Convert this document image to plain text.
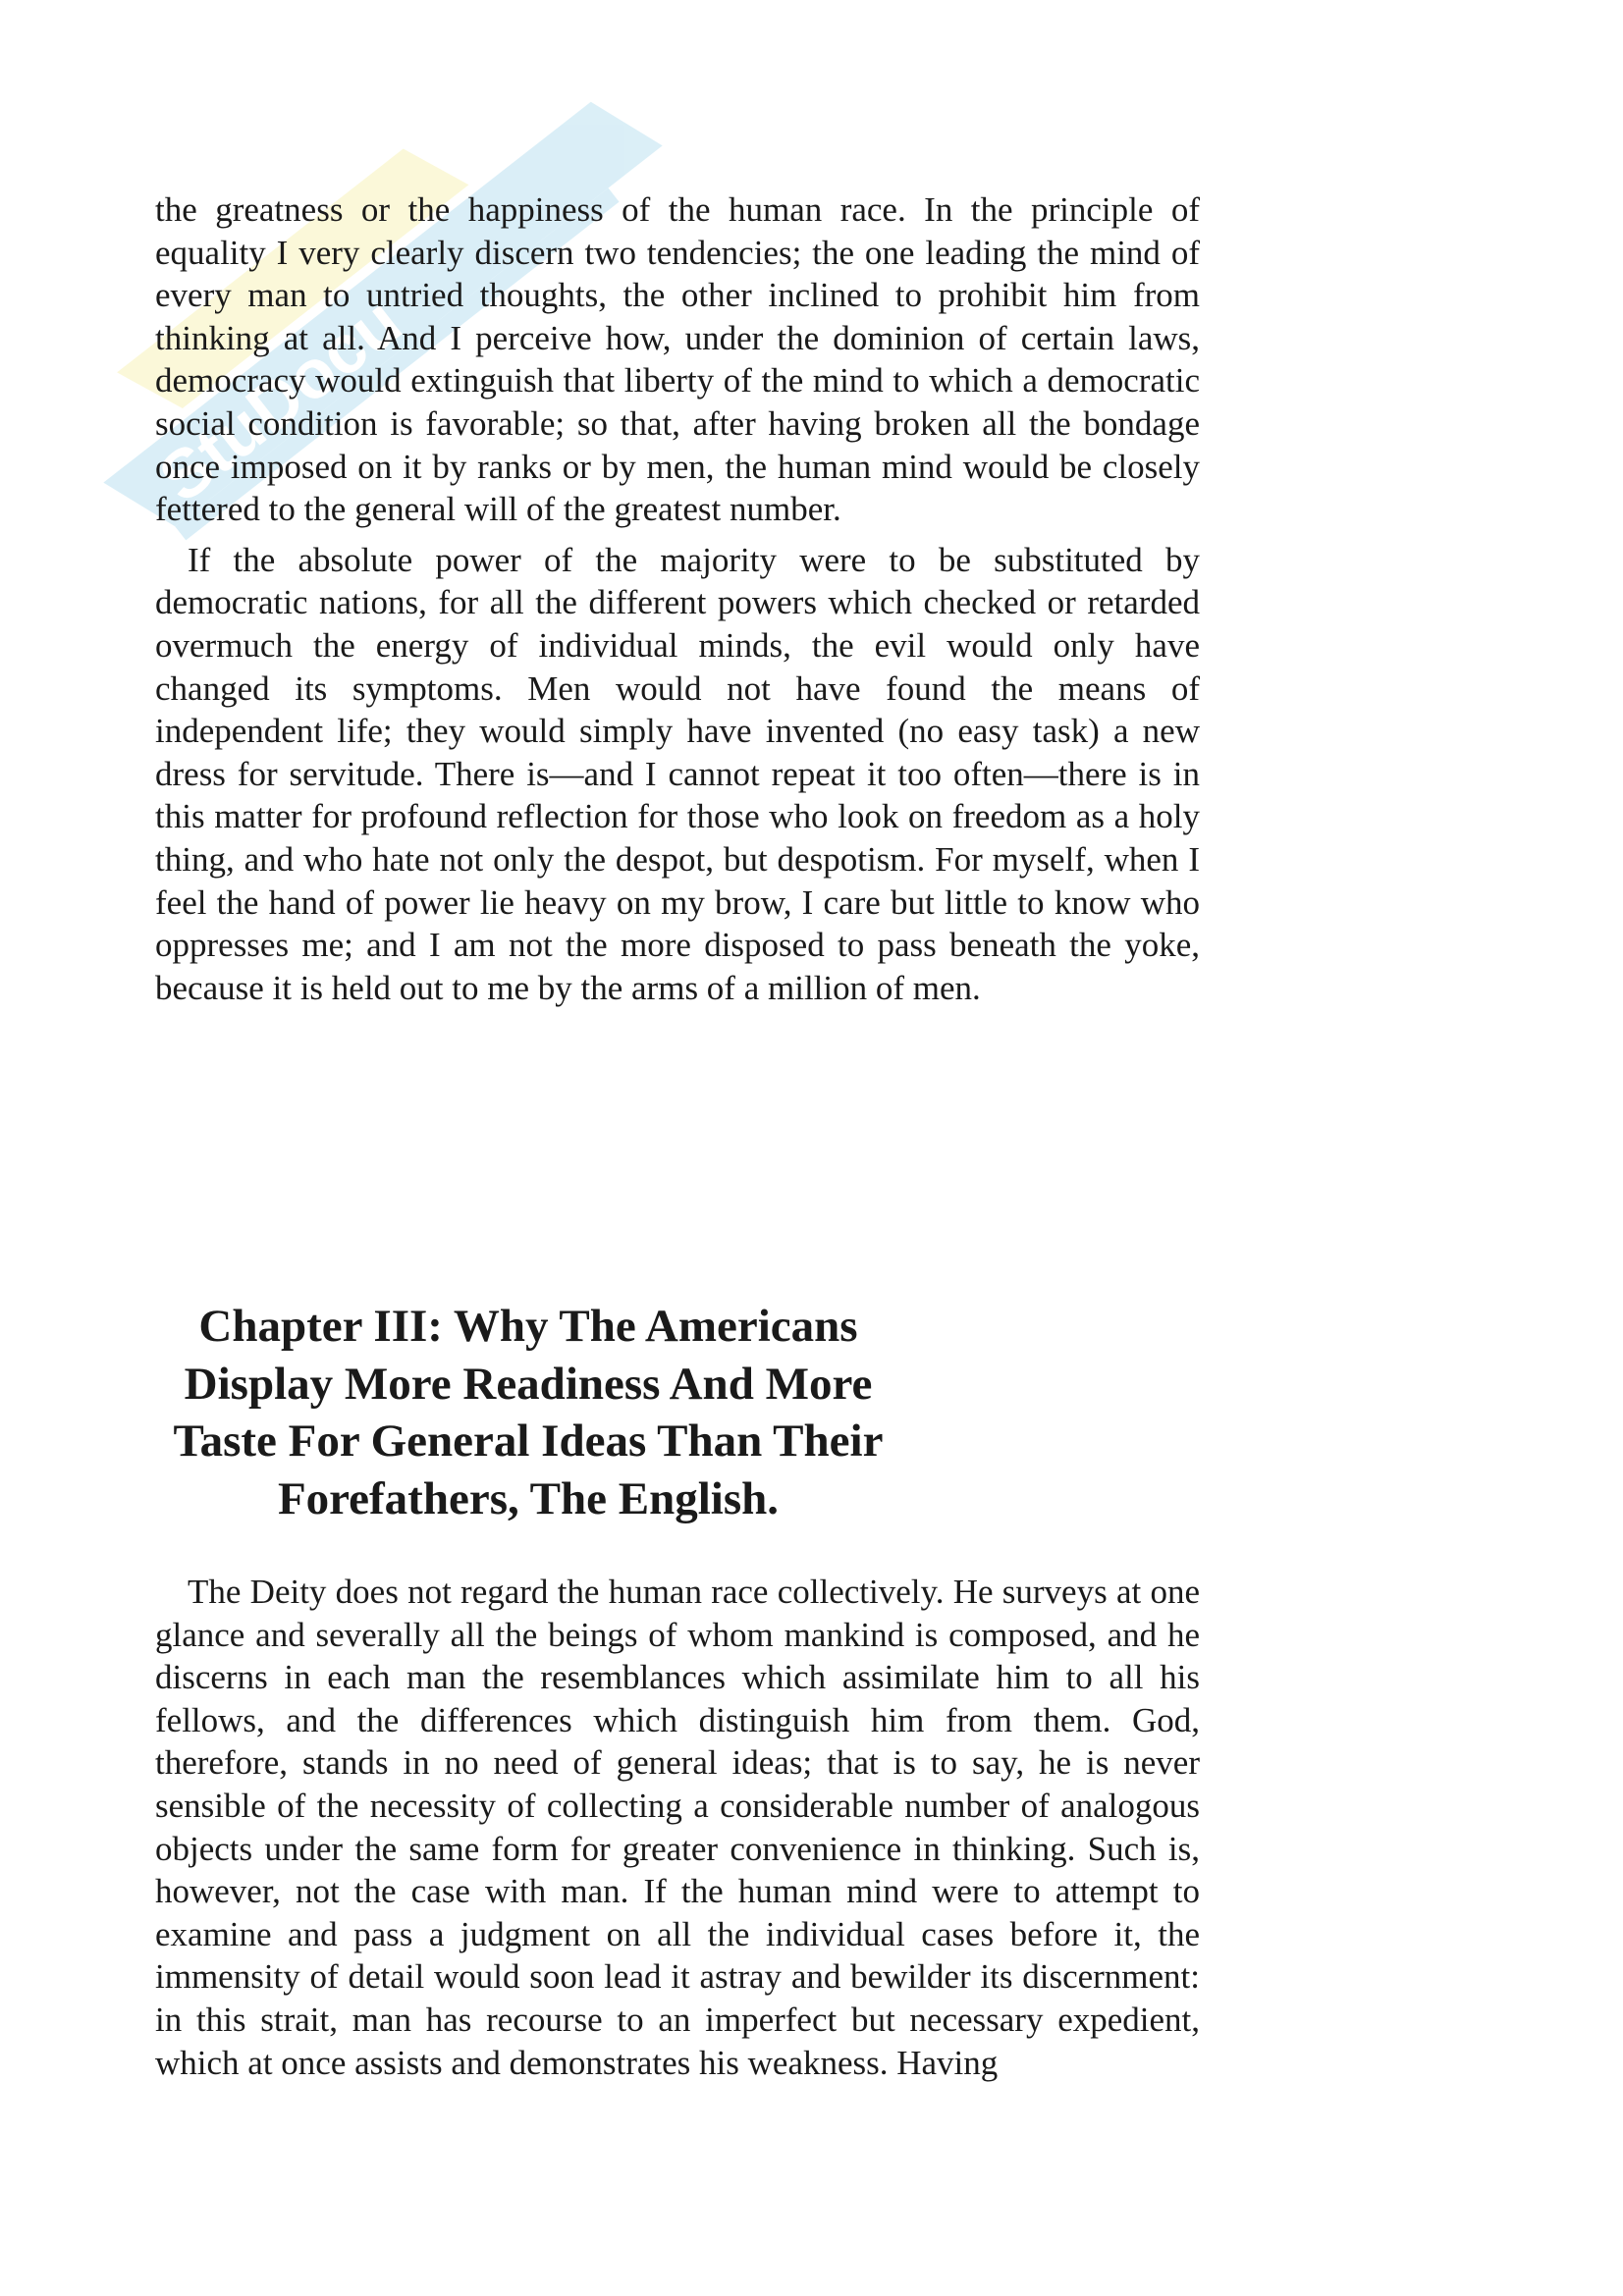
StuDocu

the greatness or the happiness of the human race. In the principle of equality I very clearly discern two tendencies; the one leading the mind of every man to untried thoughts, the other inclined to prohibit him from thinking at all. And I perceive how, under the dominion of certain laws, democracy would extinguish that liberty of the mind to which a democratic social condition is favorable; so that, after having broken all the bondage once imposed on it by ranks or by men, the human mind would be closely fettered to the general will of the greatest number.

If the absolute power of the majority were to be substituted by democratic nations, for all the different powers which checked or retarded overmuch the energy of individual minds, the evil would only have changed its symptoms. Men would not have found the means of independent life; they would simply have invented (no easy task) a new dress for servitude. There is—and I cannot repeat it too often—there is in this matter for profound reflection for those who look on freedom as a holy thing, and who hate not only the despot, but despotism. For myself, when I feel the hand of power lie heavy on my brow, I care but little to know who oppresses me; and I am not the more disposed to pass beneath the yoke, because it is held out to me by the arms of a million of men.

Chapter III: Why The Americans Display More Readiness And More Taste For General Ideas Than Their Forefathers, The English.

The Deity does not regard the human race collectively. He surveys at one glance and severally all the beings of whom mankind is composed, and he discerns in each man the resemblances which assimilate him to all his fellows, and the differences which distinguish him from them. God, therefore, stands in no need of general ideas; that is to say, he is never sensible of the necessity of collecting a considerable number of analogous objects under the same form for greater convenience in thinking. Such is, however, not the case with man. If the human mind were to attempt to examine and pass a judgment on all the individual cases before it, the immensity of detail would soon lead it astray and bewilder its discernment: in this strait, man has recourse to an imperfect but necessary expedient, which at once assists and demonstrates his weakness. Having
